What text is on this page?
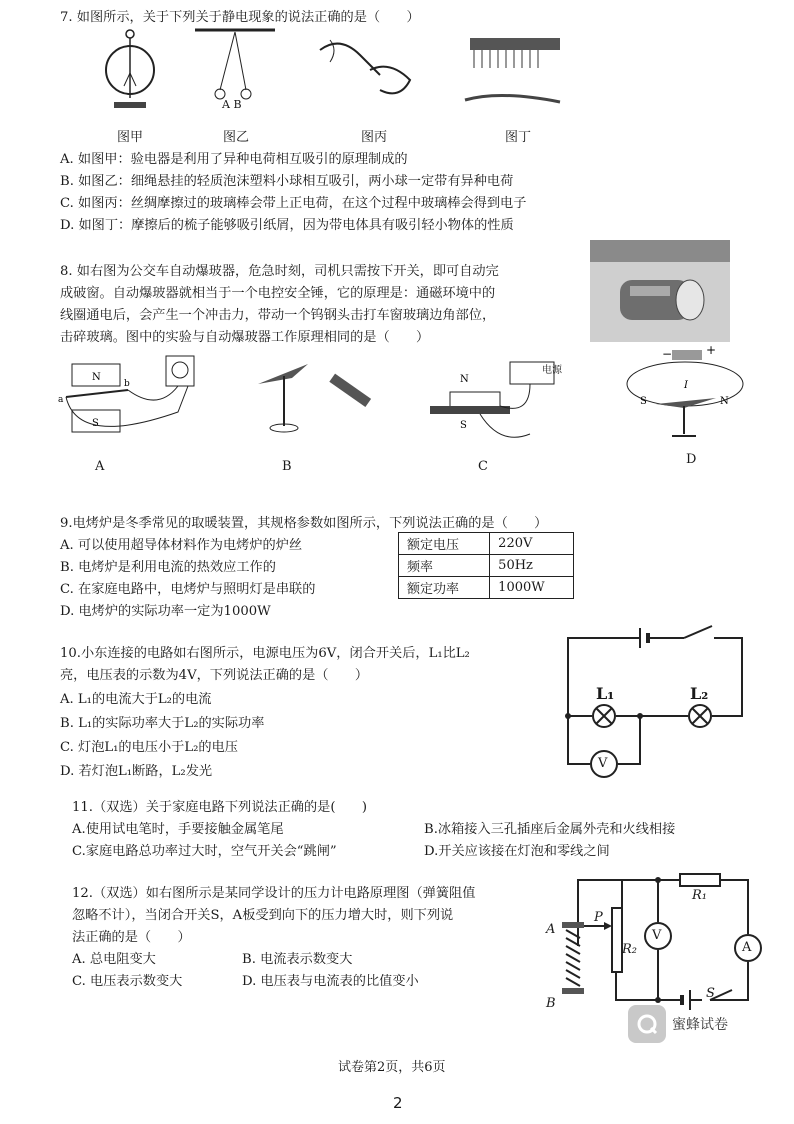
7. 如图所示，关于下列关于静电现象的说法正确的是（　　）
A B
图甲	图乙	图丙	图丁
A. 如图甲：验电器是利用了异种电荷相互吸引的原理制成的
B. 如图乙：细绳悬挂的轻质泡沫塑料小球相互吸引，两小球一定带有异种电荷
C. 如图丙：丝绸摩擦过的玻璃棒会带上正电荷，在这个过程中玻璃棒会得到电子
D. 如图丁：摩擦后的梳子能够吸引纸屑，因为带电体具有吸引轻小物体的性质
8. 如右图为公交车自动爆玻器，危急时刻，司机只需按下开关，即可自动完
成破窗。自动爆玻器就相当于一个电控安全锤，它的原理是：通磁环境中的
线圈通电后，会产生一个冲击力，带动一个钨钢头击打车窗玻璃边角部位，
击碎玻璃。图中的实验与自动爆玻器工作原理相同的是（　　）
N
S
b
a
N
S
电源
−	+
I
S	N
A	B	C	D
9.电烤炉是冬季常见的取暖装置，其规格参数如图所示，下列说法正确的是（　　）
A. 可以使用超导体材料作为电烤炉的炉丝
B. 电烤炉是利用电流的热效应工作的
C. 在家庭电路中，电烤炉与照明灯是串联的
D. 电烤炉的实际功率一定为1000W
额定电压	220V
频率	50Hz
额定功率	1000W
10.小东连接的电路如右图所示，电源电压为6V，闭合开关后，L₁比L₂
亮，电压表的示数为4V，下列说法正确的是（　　）
A. L₁的电流大于L₂的电流
B. L₁的实际功率大于L₂的实际功率
C. 灯泡L₁的电压小于L₂的电压
D. 若灯泡L₁断路，L₂发光
L₁	L₂
V
11.（双选）关于家庭电路下列说法正确的是(　　)
A.使用试电笔时，手要接触金属笔尾	B.冰箱接入三孔插座后金属外壳和火线相接
C.家庭电路总功率过大时，空气开关会“跳闸”	D.开关应该接在灯泡和零线之间
12.（双选）如右图所示是某同学设计的压力计电路原理图（弹簧阻值
忽略不计），当闭合开关S，A板受到向下的压力增大时，则下列说
法正确的是（　　）
A. 总电阻变大	B. 电流表示数变大
C. 电压表示数变大	D. 电压表与电流表的比值变小
A
B
P
R₁
R₂
V
A
S
蜜蜂试卷
试卷第2页，共6页
2
